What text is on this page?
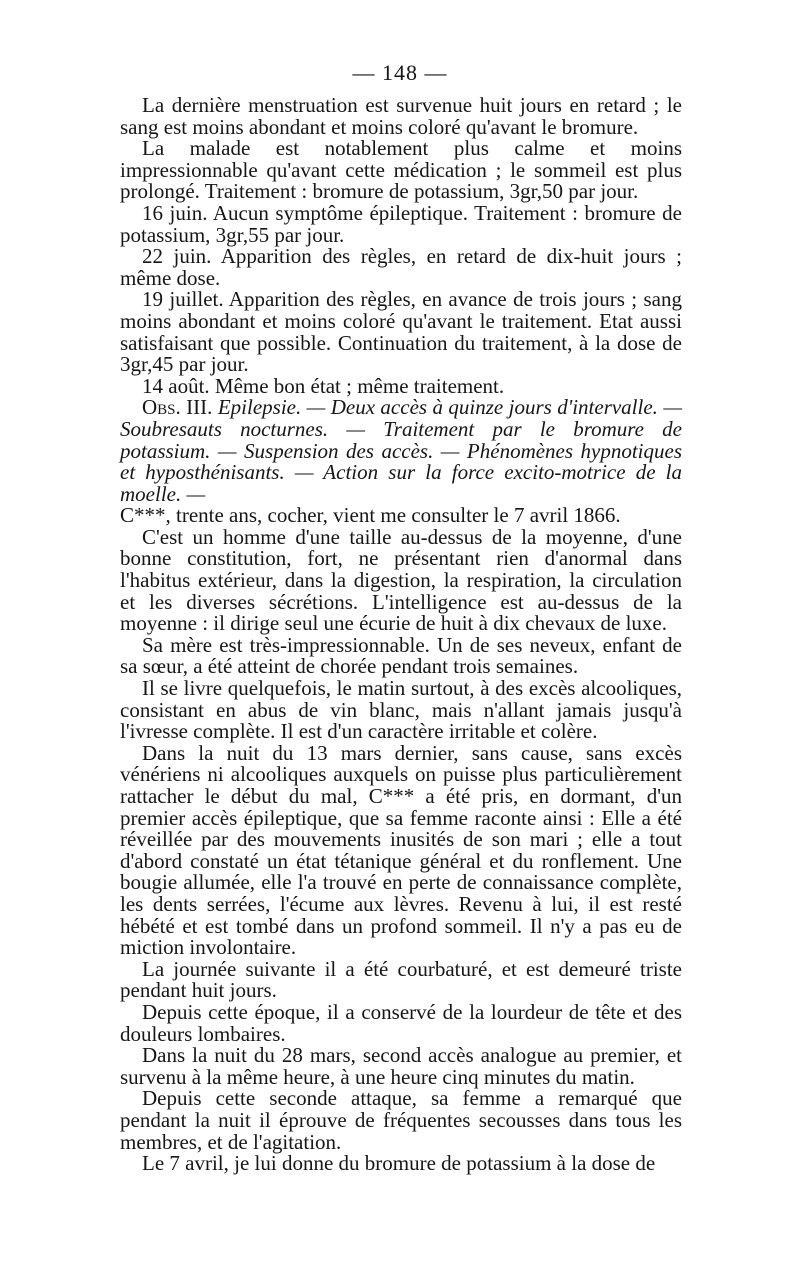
— 148 —

La dernière menstruation est survenue huit jours en retard ; le sang est moins abondant et moins coloré qu'avant le bromure.

La malade est notablement plus calme et moins impressionnable qu'avant cette médication ; le sommeil est plus prolongé. Traitement : bromure de potassium, 3gr,50 par jour.

16 juin. Aucun symptôme épileptique. Traitement : bromure de potassium, 3gr,55 par jour.

22 juin. Apparition des règles, en retard de dix-huit jours ; même dose.

19 juillet. Apparition des règles, en avance de trois jours ; sang moins abondant et moins coloré qu'avant le traitement. Etat aussi satisfaisant que possible. Continuation du traitement, à la dose de 3gr,45 par jour.

14 août. Même bon état ; même traitement.

Obs. III. Epilepsie. — Deux accès à quinze jours d'intervalle. — Soubresauts nocturnes. — Traitement par le bromure de potassium. — Suspension des accès. — Phénomènes hypnotiques et hyposthénisants. — Action sur la force excito-motrice de la moelle. —
C***, trente ans, cocher, vient me consulter le 7 avril 1866.

C'est un homme d'une taille au-dessus de la moyenne, d'une bonne constitution, fort, ne présentant rien d'anormal dans l'habitus extérieur, dans la digestion, la respiration, la circulation et les diverses sécrétions. L'intelligence est au-dessus de la moyenne : il dirige seul une écurie de huit à dix chevaux de luxe.

Sa mère est très-impressionnable. Un de ses neveux, enfant de sa sœur, a été atteint de chorée pendant trois semaines.

Il se livre quelquefois, le matin surtout, à des excès alcooliques, consistant en abus de vin blanc, mais n'allant jamais jusqu'à l'ivresse complète. Il est d'un caractère irritable et colère.

Dans la nuit du 13 mars dernier, sans cause, sans excès vénériens ni alcooliques auxquels on puisse plus particulièrement rattacher le début du mal, C*** a été pris, en dormant, d'un premier accès épileptique, que sa femme raconte ainsi : Elle a été réveillée par des mouvements inusités de son mari ; elle a tout d'abord constaté un état tétanique général et du ronflement. Une bougie allumée, elle l'a trouvé en perte de connaissance complète, les dents serrées, l'écume aux lèvres. Revenu à lui, il est resté hébété et est tombé dans un profond sommeil. Il n'y a pas eu de miction involontaire.

La journée suivante il a été courbaturé, et est demeuré triste pendant huit jours.

Depuis cette époque, il a conservé de la lourdeur de tête et des douleurs lombaires.

Dans la nuit du 28 mars, second accès analogue au premier, et survenu à la même heure, à une heure cinq minutes du matin.

Depuis cette seconde attaque, sa femme a remarqué que pendant la nuit il éprouve de fréquentes secousses dans tous les membres, et de l'agitation.

Le 7 avril, je lui donne du bromure de potassium à la dose de
